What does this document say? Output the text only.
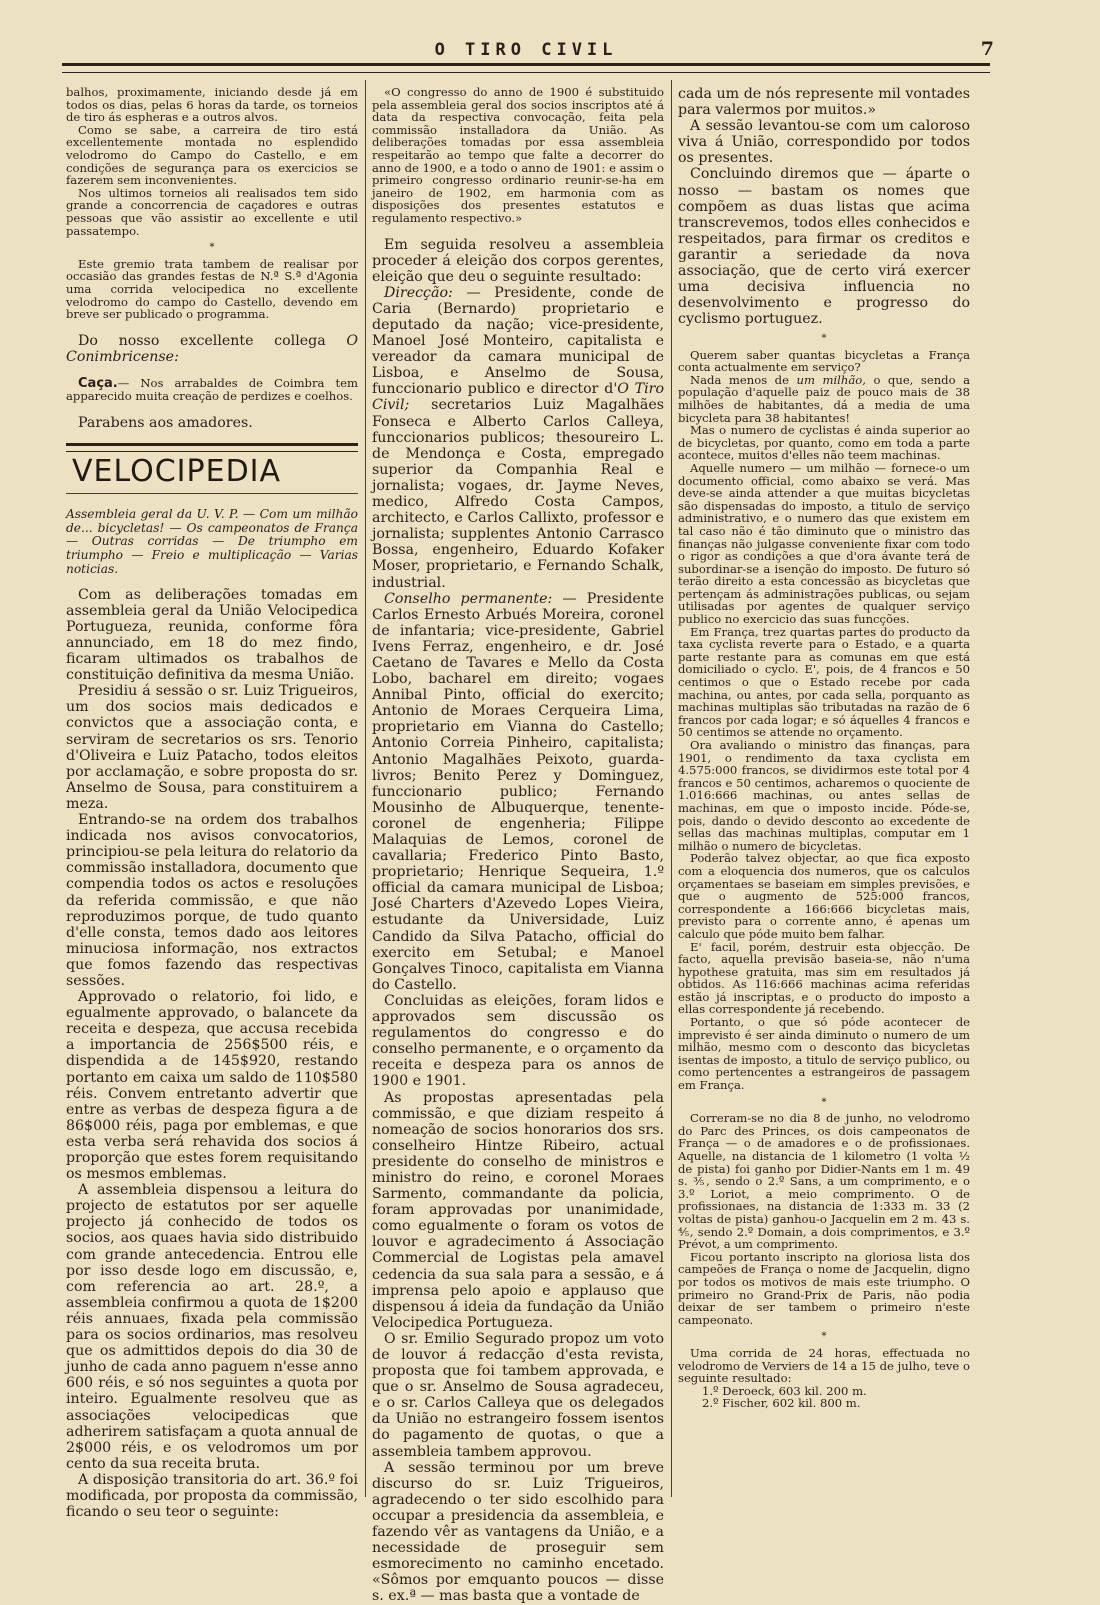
O TIRO CIVIL	7

balhos, proximamente, iniciando desde já em todos os dias, pelas 6 horas da tarde, os torneios de tiro ás espheras e a outros alvos.

Como se sabe, a carreira de tiro está excellentemente montada no esplendido velodromo do Campo do Castello, e em condições de segurança para os exercicios se fazerem sem inconvenientes.

Nos ultimos torneios ali realisados tem sido grande a concorrencia de caçadores e outras pessoas que vão assistir ao excellente e util passatempo.

*

Este gremio trata tambem de realisar por occasião das grandes festas de N.ª S.ª d'Agonia uma corrida velocipedica no excellente velodromo do campo do Castello, devendo em breve ser publicado o programma.

Do nosso excellente collega O Conimbricense:

Caça.— Nos arrabaldes de Coimbra tem apparecido muita creação de perdizes e coelhos.

Parabens aos amadores.

VELOCIPEDIA
Assembleia geral da U. V. P. — Com um milhão de... bicycletas! — Os campeonatos de França — Outras corridas — De triumpho em triumpho — Freio e multiplicação — Varias noticias.

Com as deliberações tomadas em assembleia geral da União Velocipedica Portugueza, reunida, conforme fôra annunciado, em 18 do mez findo, ficaram ultimados os trabalhos de constituição definitiva da mesma União.

Presidiu á sessão o sr. Luiz Trigueiros, um dos socios mais dedicados e convictos que a associação conta, e serviram de secretarios os srs. Tenorio d'Oliveira e Luiz Patacho, todos eleitos por acclamação, e sobre proposta do sr. Anselmo de Sousa, para constituirem a meza.

Entrando-se na ordem dos trabalhos indicada nos avisos convocatorios, principiou-se pela leitura do relatorio da commissão installadora, documento que compendia todos os actos e resoluções da referida commissão, e que não reproduzimos porque, de tudo quanto d'elle consta, temos dado aos leitores minuciosa informação, nos extractos que fomos fazendo das respectivas sessões.

Approvado o relatorio, foi lido, e egualmente approvado, o balancete da receita e despeza, que accusa recebida a importancia de 256$500 réis, e dispendida a de 145$920, restando portanto em caixa um saldo de 110$580 réis. Convem entretanto advertir que entre as verbas de despeza figura a de 86$000 réis, paga por emblemas, e que esta verba será rehavida dos socios á proporção que estes forem requisitando os mesmos emblemas.

A assembleia dispensou a leitura do projecto de estatutos por ser aquelle projecto já conhecido de todos os socios, aos quaes havia sido distribuido com grande antecedencia. Entrou elle por isso desde logo em discussão, e, com referencia ao art. 28.º, a assembleia confirmou a quota de 1$200 réis annuaes, fixada pela commissão para os socios ordinarios, mas resolveu que os admittidos depois do dia 30 de junho de cada anno paguem n'esse anno 600 réis, e só nos seguintes a quota por inteiro. Egualmente resolveu que as associações velocipedicas que adherirem satisfaçam a quota annual de 2$000 réis, e os velodromos um por cento da sua receita bruta.

A disposição transitoria do art. 36.º foi modificada, por proposta da commissão, ficando o seu teor o seguinte:

«O congresso do anno de 1900 é substituido pela assembleia geral dos socios inscriptos até á data da respectiva convocação, feita pela commissão installadora da União. As deliberações tomadas por essa assembleia respeitarão ao tempo que falte a decorrer do anno de 1900, e a todo o anno de 1901: e assim o primeiro congresso ordinario reunir-se-ha em janeiro de 1902, em harmonia com as disposições dos presentes estatutos e regulamento respectivo.»

Em seguida resolveu a assembleia proceder á eleição dos corpos gerentes, eleição que deu o seguinte resultado:

Direcção: — Presidente, conde de Caria (Bernardo) proprietario e deputado da nação; vice-presidente, Manoel José Monteiro, capitalista e vereador da camara municipal de Lisboa, e Anselmo de Sousa, funccionario publico e director d'O Tiro Civil; secretarios Luiz Magalhães Fonseca e Alberto Carlos Calleya, funccionarios publicos; thesoureiro L. de Mendonça e Costa, empregado superior da Companhia Real e jornalista; vogaes, dr. Jayme Neves, medico, Alfredo Costa Campos, architecto, e Carlos Callixto, professor e jornalista; supplentes Antonio Carrasco Bossa, engenheiro, Eduardo Kofaker Moser, proprietario, e Fernando Schalk, industrial.

Conselho permanente: — Presidente Carlos Ernesto Arbués Moreira, coronel de infantaria; vice-presidente, Gabriel Ivens Ferraz, engenheiro, e dr. José Caetano de Tavares e Mello da Costa Lobo, bacharel em direito; vogaes Annibal Pinto, official do exercito; Antonio de Moraes Cerqueira Lima, proprietario em Vianna do Castello; Antonio Correia Pinheiro, capitalista; Antonio Magalhães Peixoto, guarda-livros; Benito Perez y Dominguez, funccionario publico; Fernando Mousinho de Albuquerque, tenente-coronel de engenheria; Filippe Malaquias de Lemos, coronel de cavallaria; Frederico Pinto Basto, proprietario; Henrique Sequeira, 1.º official da camara municipal de Lisboa; José Charters d'Azevedo Lopes Vieira, estudante da Universidade, Luiz Candido da Silva Patacho, official do exercito em Setubal; e Manoel Gonçalves Tinoco, capitalista em Vianna do Castello.

Concluidas as eleições, foram lidos e approvados sem discussão os regulamentos do congresso e do conselho permanente, e o orçamento da receita e despeza para os annos de 1900 e 1901.

As propostas apresentadas pela commissão, e que diziam respeito á nomeação de socios honorarios dos srs. conselheiro Hintze Ribeiro, actual presidente do conselho de ministros e ministro do reino, e coronel Moraes Sarmento, commandante da policia, foram approvadas por unanimidade, como egualmente o foram os votos de louvor e agradecimento á Associação Commercial de Logistas pela amavel cedencia da sua sala para a sessão, e á imprensa pelo apoio e applauso que dispensou á ideia da fundação da União Velocipedica Portugueza.

O sr. Emilio Segurado propoz um voto de louvor á redacção d'esta revista, proposta que foi tambem approvada, e que o sr. Anselmo de Sousa agradeceu, e o sr. Carlos Calleya que os delegados da União no estrangeiro fossem isentos do pagamento de quotas, o que a assembleia tambem approvou.

A sessão terminou por um breve discurso do sr. Luiz Trigueiros, agradecendo o ter sido escolhido para occupar a presidencia da assembleia, e fazendo vêr as vantagens da União, e a necessidade de proseguir sem esmorecimento no caminho encetado. «Sômos por emquanto poucos — disse s. ex.ª — mas basta que a vontade de

cada um de nós represente mil vontades para valermos por muitos.»

A sessão levantou-se com um caloroso viva á União, correspondido por todos os presentes.

Concluindo diremos que — áparte o nosso — bastam os nomes que compõem as duas listas que acima transcrevemos, todos elles conhecidos e respeitados, para firmar os creditos e garantir a seriedade da nova associação, que de certo virá exercer uma decisiva influencia no desenvolvimento e progresso do cyclismo portuguez.

*

Querem saber quantas bicycletas a França conta actualmente em serviço?

Nada menos de um milhão, o que, sendo a população d'aquelle paiz de pouco mais de 38 milhões de habitantes, dá a media de uma bicycleta para 38 habitantes!

Mas o numero de cyclistas é ainda superior ao de bicycletas, por quanto, como em toda a parte acontece, muitos d'elles não teem machinas.

Aquelle numero — um milhão — fornece-o um documento official, como abaixo se verá. Mas deve-se ainda attender a que muitas bicycletas são dispensadas do imposto, a titulo de serviço administrativo, e o numero das que existem em tal caso não é tão diminuto que o ministro das finanças não julgasse conveniente fixar com todo o rigor as condições a que d'ora ávante terá de subordinar-se a isenção do imposto. De futuro só terão direito a esta concessão as bicycletas que pertençam ás administrações publicas, ou sejam utilisadas por agentes de qualquer serviço publico no exercicio das suas funcções.

Em França, trez quartas partes do producto da taxa cyclista reverte para o Estado, e a quarta parte restante para as comunas em que está domiciliado o cyclo. E', pois, de 4 francos e 50 centimos o que o Estado recebe por cada machina, ou antes, por cada sella, porquanto as machinas multiplas são tributadas na razão de 6 francos por cada logar; e só áquelles 4 francos e 50 centimos se attende no orçamento.

Ora avaliando o ministro das finanças, para 1901, o rendimento da taxa cyclista em 4.575:000 francos, se dividirmos este total por 4 francos e 50 centimos, acharemos o quociente de 1.016:666 machinas, ou antes sellas de machinas, em que o imposto incide. Póde-se, pois, dando o devido desconto ao excedente de sellas das machinas multiplas, computar em 1 milhão o numero de bicycletas.

Poderão talvez objectar, ao que fica exposto com a eloquencia dos numeros, que os calculos orçamentaes se baseiam em simples previsões, e que o augmento de 525:000 francos, correspondente a 166:666 bicycletas mais, previsto para o corrente anno, é apenas um calculo que póde muito bem falhar.

E' facil, porém, destruir esta objecção. De facto, aquella previsão baseia-se, não n'uma hypothese gratuita, mas sim em resultados já obtidos. As 116:666 machinas acima referidas estão já inscriptas, e o producto do imposto a ellas correspondente já recebendo.

Portanto, o que só póde acontecer de imprevisto é ser ainda diminuto o numero de um milhão, mesmo com o desconto das bicycletas isentas de imposto, a titulo de serviço publico, ou como pertencentes a estrangeiros de passagem em França.

*

Correram-se no dia 8 de junho, no velodromo do Parc des Princes, os dois campeonatos de França — o de amadores e o de profissionaes. Aquelle, na distancia de 1 kilometro (1 volta ½ de pista) foi ganho por Didier-Nants em 1 m. 49 s. ⅗, sendo o 2.º Sans, a um comprimento, e o 3.º Loriot, a meio comprimento. O de profissionaes, na distancia de 1:333 m. 33 (2 voltas de pista) ganhou-o Jacquelin em 2 m. 43 s. ⅘, sendo 2.º Domain, a dois comprimentos, e 3.º Prévot, a um comprimento.

Ficou portanto inscripto na gloriosa lista dos campeões de França o nome de Jacquelin, digno por todos os motivos de mais este triumpho. O primeiro no Grand-Prix de Paris, não podia deixar de ser tambem o primeiro n'este campeonato.

*

Uma corrida de 24 horas, effectuada no velodromo de Verviers de 14 a 15 de julho, teve o seguinte resultado:

1.º Deroeck, 603 kil. 200 m.
2.º Fischer, 602 kil. 800 m.
